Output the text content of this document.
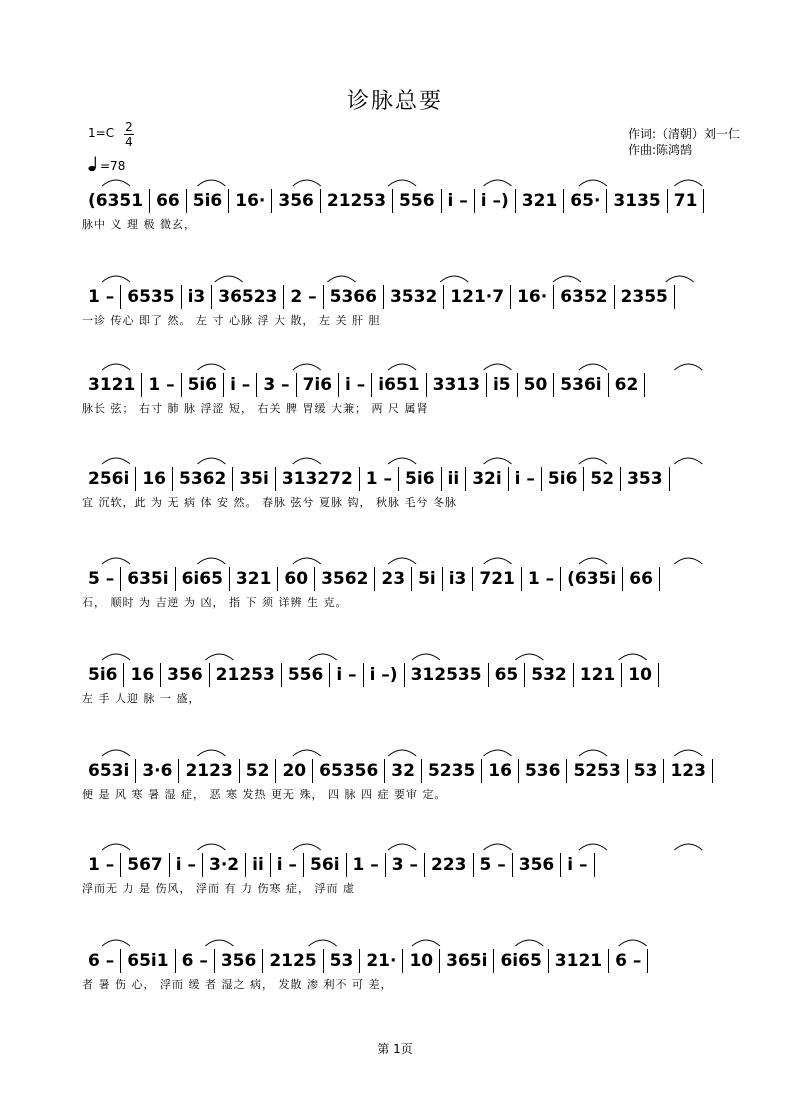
诊脉总要
1=C 2
4
=78
作词:（清朝）刘一仁
作曲:陈鸿鹄
(6351 66 5i6 16· 356 21253 556 i – i –) 321 65· 3135 71
脉中 义 理 极 微玄，
1 – 6535 i3 36523 2 – 5366 3532 121·7 16· 6352 2355
一诊 传心 即了 然。 左 寸 心脉 浮 大 散， 左 关 肝 胆
3121 1 – 5i6 i – 3 – 7i6 i – i651 3313 i5 50 536i 62
脉长 弦； 右寸 肺 脉 浮涩 短， 右关 脾 胃缓 大兼； 两 尺 属肾
256i 16 5362 35i 313272 1 – 5i6 ii 32i i – 5i6 52 353
宜 沉软，此 为 无 病 体 安 然。 春脉 弦兮 夏脉 钩， 秋脉 毛兮 冬脉
5 – 635i 6i65 321 60 3562 23 5i i3 721 1 – (635i 66
石， 顺时 为 吉逆 为 凶， 指 下 须 详辨 生 克。
5i6 16 356 21253 556 i – i –) 312535 65 532 121 10
左 手 人迎 脉 一 盛，
653i 3·6 2123 52 20 65356 32 5235 16 536 5253 53 123
便 是 风 寒 暑 湿 症， 恶 寒 发热 更无 殊， 四 脉 四 症 要审 定。
1 – 567 i – 3·2 ii i – 56i 1 – 3 – 223 5 – 356 i –
浮而无 力 是 伤风， 浮而 有 力 伤寒 症， 浮而 虚
6 – 65i1 6 – 356 2125 53 21· 10 365i 6i65 3121 6 –
者 暑 伤 心， 浮而 缓 者 湿之 病， 发散 渗 利不 可 差，
第 1页
